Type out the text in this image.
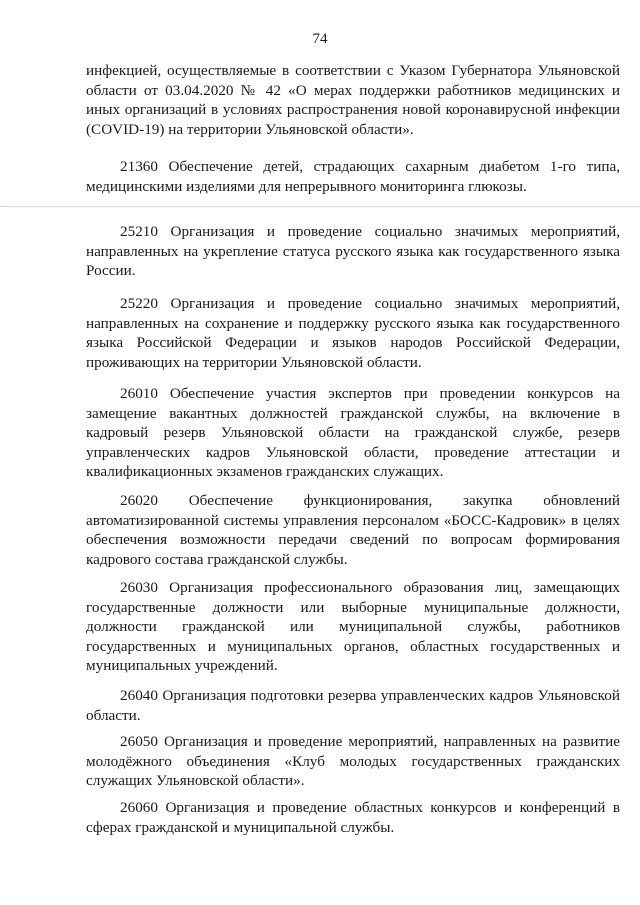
74

инфекцией, осуществляемые в соответствии с Указом Губернатора Ульяновской области от 03.04.2020 № 42 «О мерах поддержки работников медицинских и иных организаций в условиях распространения новой коронавирусной инфекции (COVID-19) на территории Ульяновской области».

21360 Обеспечение детей, страдающих сахарным диабетом 1-го типа, медицинскими изделиями для непрерывного мониторинга глюкозы.

25210 Организация и проведение социально значимых мероприятий, направленных на укрепление статуса русского языка как государственного языка России.

25220 Организация и проведение социально значимых мероприятий, направленных на сохранение и поддержку русского языка как государственного языка Российской Федерации и языков народов Российской Федерации, проживающих на территории Ульяновской области.

26010 Обеспечение участия экспертов при проведении конкурсов на замещение вакантных должностей гражданской службы, на включение в кадровый резерв Ульяновской области на гражданской службе, резерв управленческих кадров Ульяновской области, проведение аттестации и квалификационных экзаменов гражданских служащих.

26020 Обеспечение функционирования, закупка обновлений автоматизированной системы управления персоналом «БОСС-Кадровик» в целях обеспечения возможности передачи сведений по вопросам формирования кадрового состава гражданской службы.

26030 Организация профессионального образования лиц, замещающих государственные должности или выборные муниципальные должности, должности гражданской или муниципальной службы, работников государственных и муниципальных органов, областных государственных и муниципальных учреждений.

26040 Организация подготовки резерва управленческих кадров Ульяновской области.

26050 Организация и проведение мероприятий, направленных на развитие молодёжного объединения «Клуб молодых государственных гражданских служащих Ульяновской области».

26060 Организация и проведение областных конкурсов и конференций в сферах гражданской и муниципальной службы.
